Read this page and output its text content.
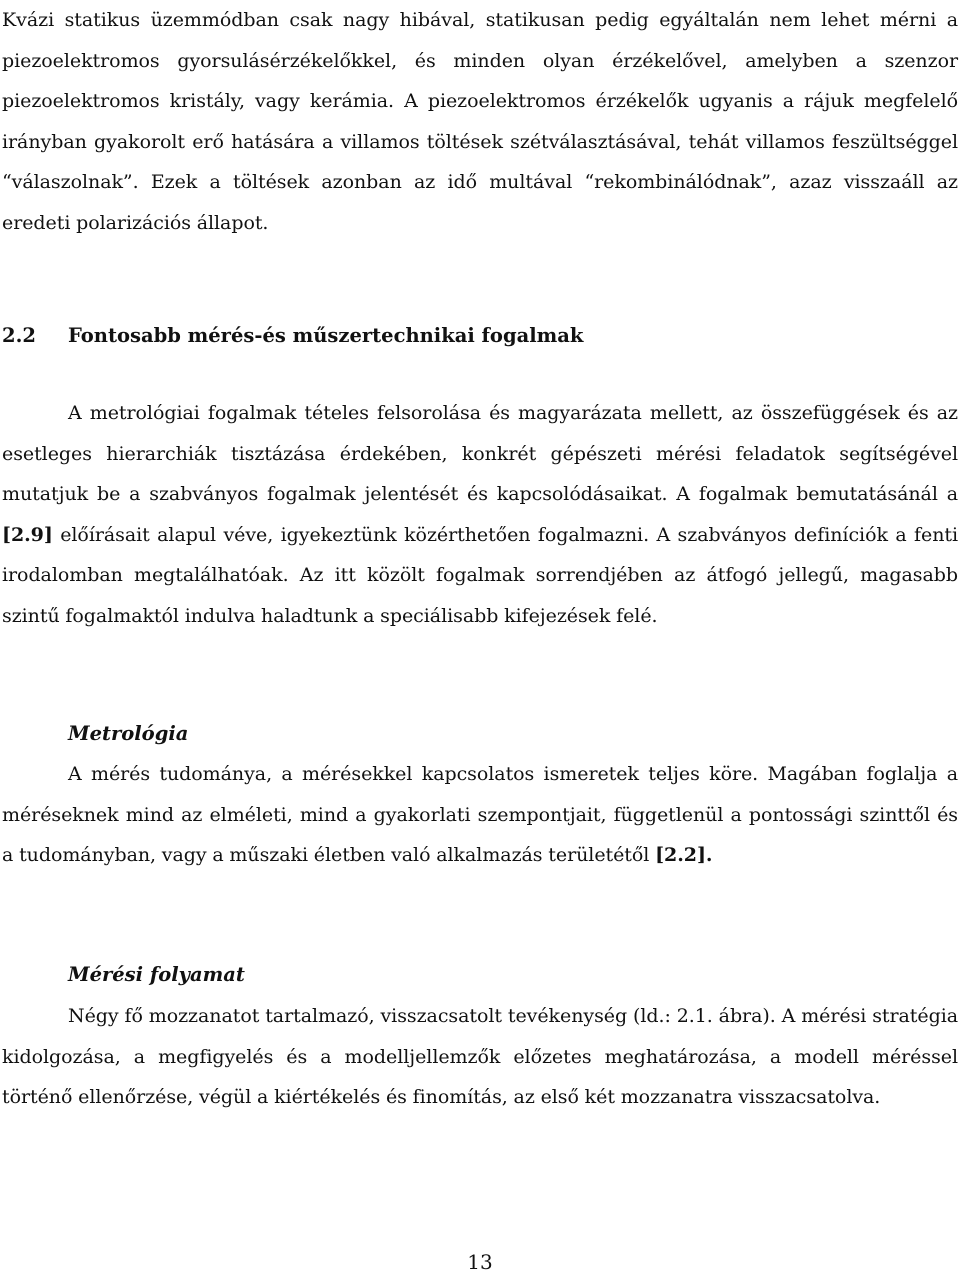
Kvázi statikus üzemmódban csak nagy hibával, statikusan pedig egyáltalán nem lehet mérni a piezoelektromos gyorsulásérzékelőkkel, és minden olyan érzékelővel, amelyben a szenzor piezoelektromos kristály, vagy kerámia. A piezoelektromos érzékelők ugyanis a rájuk megfelelő irányban gyakorolt erő hatására a villamos töltések szétválasztásával, tehát villamos feszültséggel “válaszolnak”. Ezek a töltések azonban az idő multával “rekombinálódnak”, azaz visszaáll az eredeti polarizációs állapot.

2.2 Fontosabb mérés-és műszertechnikai fogalmak

A metrológiai fogalmak tételes felsorolása és magyarázata mellett, az összefüggések és az esetleges hierarchiák tisztázása érdekében, konkrét gépészeti mérési feladatok segítségével mutatjuk be a szabványos fogalmak jelentését és kapcsolódásaikat. A fogalmak bemutatásánál a [2.9] előírásait alapul véve, igyekeztünk közérthetően fogalmazni. A szabványos definíciók a fenti irodalomban megtalálhatóak. Az itt közölt fogalmak sorrendjében az átfogó jellegű, magasabb szintű fogalmaktól indulva haladtunk a speciálisabb kifejezések felé.

Metrológia

A mérés tudománya, a mérésekkel kapcsolatos ismeretek teljes köre. Magában foglalja a méréseknek mind az elméleti, mind a gyakorlati szempontjait, függetlenül a pontossági szinttől és a tudományban, vagy a műszaki életben való alkalmazás területétől [2.2].

Mérési folyamat

Négy fő mozzanatot tartalmazó, visszacsatolt tevékenység (ld.: 2.1. ábra). A mérési stratégia kidolgozása, a megfigyelés és a modelljellemzők előzetes meghatározása, a modell méréssel történő ellenőrzése, végül a kiértékelés és finomítás, az első két mozzanatra visszacsatolva.

13
